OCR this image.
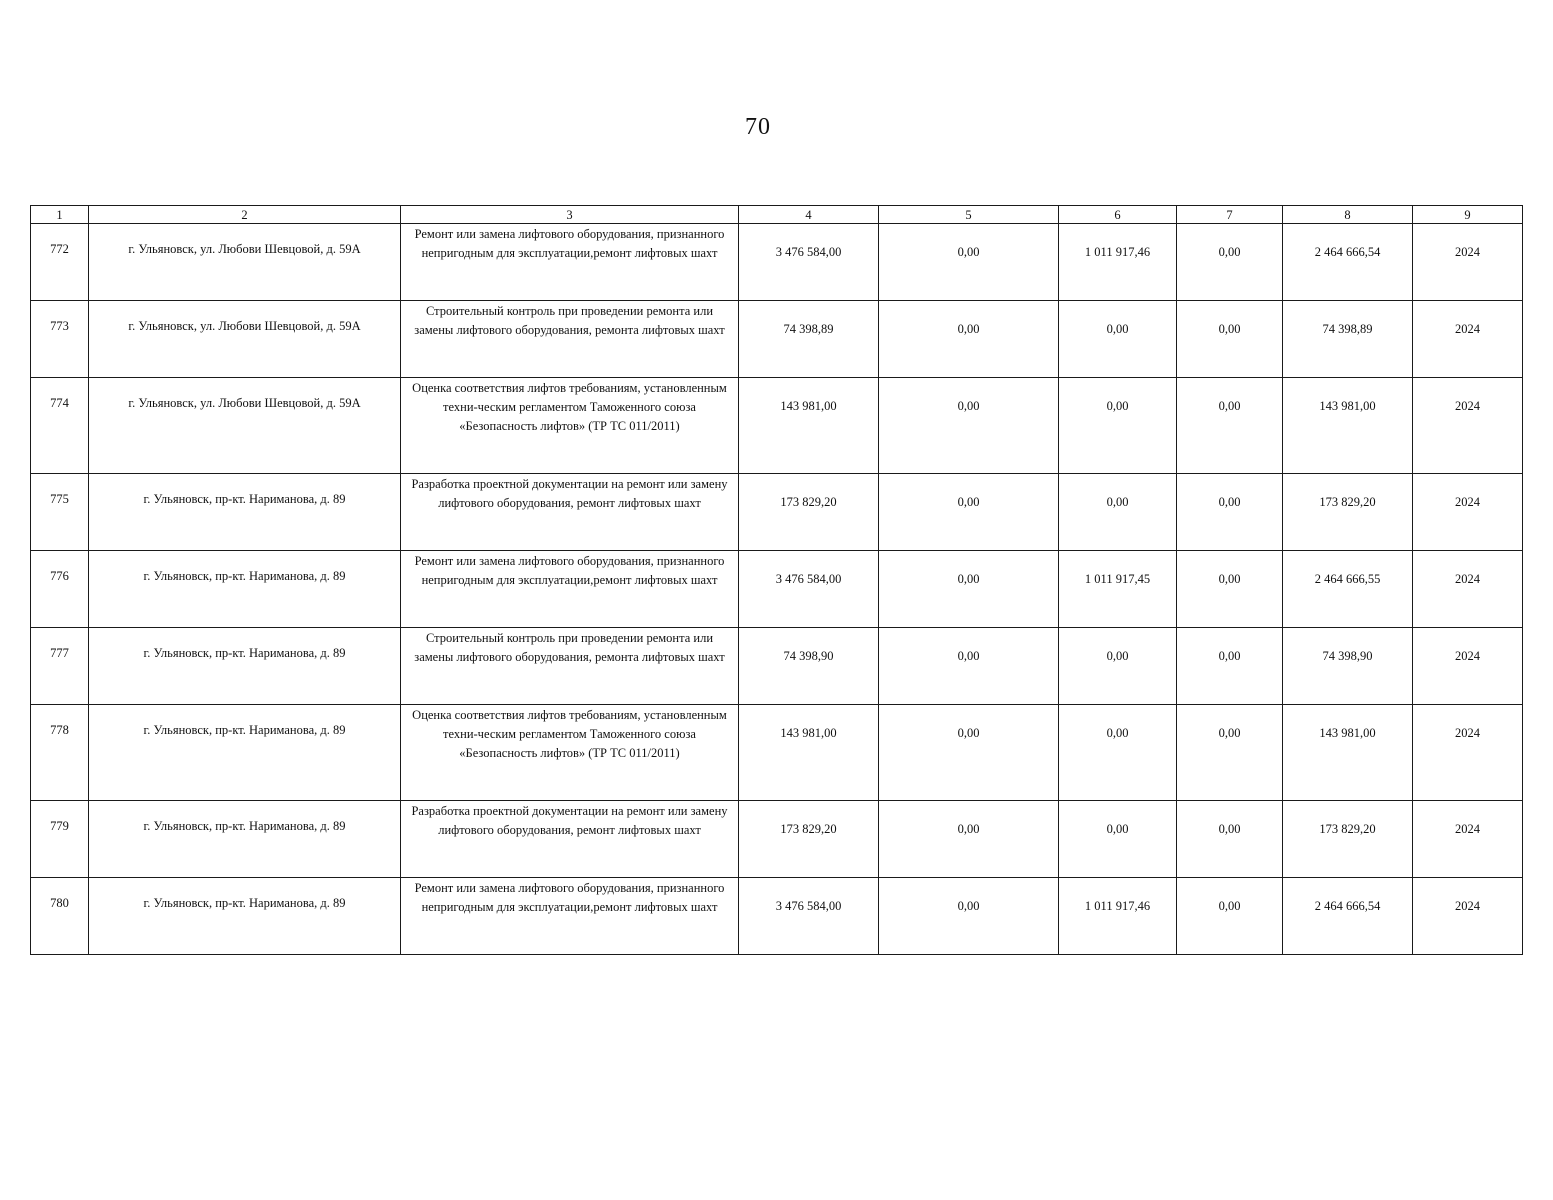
70
1	2	3	4	5	6	7	8	9
772	г. Ульяновск, ул. Любови Шевцовой, д. 59А	Ремонт или замена лифтового оборудования, признанного непригодным для эксплуатации,ремонт лифтовых шахт	3 476 584,00	0,00	1 011 917,46	0,00	2 464 666,54	2024
773	г. Ульяновск, ул. Любови Шевцовой, д. 59А	Строительный контроль при проведении ремонта или замены лифтового оборудования, ремонта лифтовых шахт	74 398,89	0,00	0,00	0,00	74 398,89	2024
774	г. Ульяновск, ул. Любови Шевцовой, д. 59А	Оценка соответствия лифтов требованиям, установленным техни-ческим регламентом Таможенного союза «Безопасность лифтов» (ТР ТС 011/2011)	143 981,00	0,00	0,00	0,00	143 981,00	2024
775	г. Ульяновск, пр-кт. Нариманова, д. 89	Разработка проектной документации на ремонт или замену лифтового оборудования, ремонт лифтовых шахт	173 829,20	0,00	0,00	0,00	173 829,20	2024
776	г. Ульяновск, пр-кт. Нариманова, д. 89	Ремонт или замена лифтового оборудования, признанного непригодным для эксплуатации,ремонт лифтовых шахт	3 476 584,00	0,00	1 011 917,45	0,00	2 464 666,55	2024
777	г. Ульяновск, пр-кт. Нариманова, д. 89	Строительный контроль при проведении ремонта или замены лифтового оборудования, ремонта лифтовых шахт	74 398,90	0,00	0,00	0,00	74 398,90	2024
778	г. Ульяновск, пр-кт. Нариманова, д. 89	Оценка соответствия лифтов требованиям, установленным техни-ческим регламентом Таможенного союза «Безопасность лифтов» (ТР ТС 011/2011)	143 981,00	0,00	0,00	0,00	143 981,00	2024
779	г. Ульяновск, пр-кт. Нариманова, д. 89	Разработка проектной документации на ремонт или замену лифтового оборудования, ремонт лифтовых шахт	173 829,20	0,00	0,00	0,00	173 829,20	2024
780	г. Ульяновск, пр-кт. Нариманова, д. 89	Ремонт или замена лифтового оборудования, признанного непригодным для эксплуатации,ремонт лифтовых шахт	3 476 584,00	0,00	1 011 917,46	0,00	2 464 666,54	2024
